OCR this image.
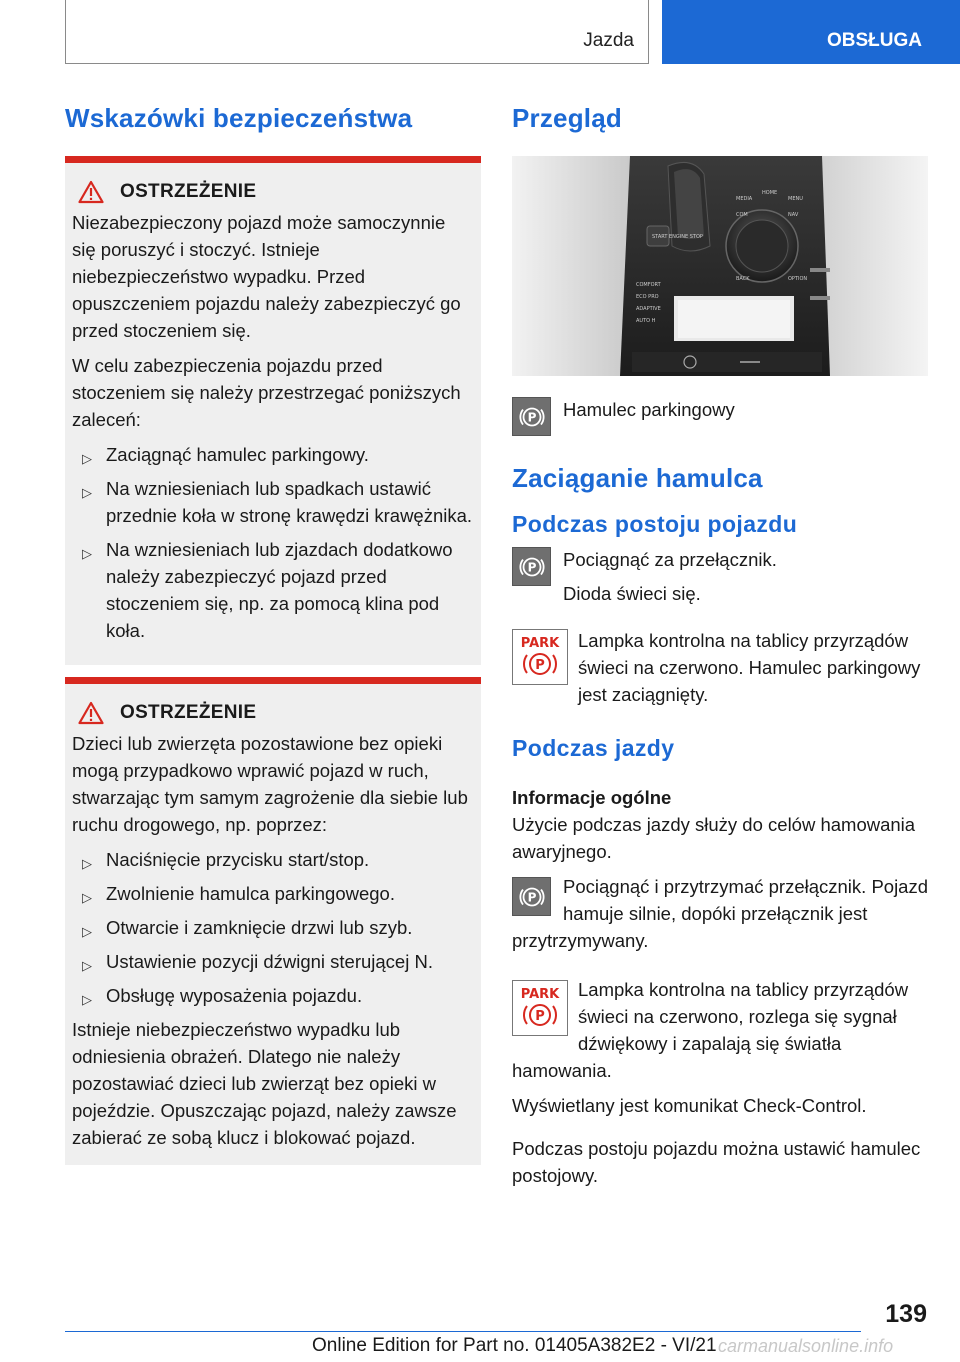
Jazda	OBSŁUGA
Wskazówki bezpieczeństwa
OSTRZEŻENIE

Niezabezpieczony pojazd może samoczynnie się poruszyć i stoczyć. Istnieje niebezpieczeństwo wypadku. Przed opuszczeniem pojazdu należy zabezpieczyć go przed stoczeniem się.

W celu zabezpieczenia pojazdu przed stoczeniem się należy przestrzegać poniższych zaleceń:

▷ Zaciągnąć hamulec parkingowy.
▷ Na wzniesieniach lub spadkach ustawić przednie koła w stronę krawędzi krawężnika.
▷ Na wzniesieniach lub zjazdach dodatkowo należy zabezpieczyć pojazd przed stoczeniem się, np. za pomocą klina pod koła.
OSTRZEŻENIE

Dzieci lub zwierzęta pozostawione bez opieki mogą przypadkowo wprawić pojazd w ruch, stwarzając tym samym zagrożenie dla siebie lub ruchu drogowego, np. poprzez:

▷ Naciśnięcie przycisku start/stop.
▷ Zwolnienie hamulca parkingowego.
▷ Otwarcie i zamknięcie drzwi lub szyb.
▷ Ustawienie pozycji dźwigni sterującej N.
▷ Obsługę wyposażenia pojazdu.

Istnieje niebezpieczeństwo wypadku lub odniesienia obrażeń. Dlatego nie należy pozostawiać dzieci lub zwierząt bez opieki w pojeździe. Opuszczając pojazd, należy zawsze zabierać ze sobą klucz i blokować pojazd.

Przegląd
START ENGINE STOP
COMFORT
ECO PRO
ADAPTIVE
AUTO H
MEDIA
HOME
MENU
COM	NAV
BACK	OPTION
P Hamulec parkingowy

Zaciąganie hamulca
Podczas postoju pojazdu
P Pociągnąć za przełącznik.

Dioda świeci się.

PARK
P

Lampka kontrolna na tablicy przyrządów świeci na czerwono. Hamulec parkingowy jest zaciągnięty.

Podczas jazdy

Informacje ogólne

Użycie podczas jazdy służy do celów hamowania awaryjnego.

P	Pociągnąć i przytrzymać przełącznik. Pojazd hamuje silnie, dopóki przełącznik jest przytrzymywany.

PARK
P

Lampka kontrolna na tablicy przyrządów świeci na czerwono, rozlega się sygnał dźwiękowy i zapalają się światła hamowania.

Wyświetlany jest komunikat Check-Control.

Podczas postoju pojazdu można ustawić hamulec postojowy.

139
Online Edition for Part no. 01405A382E2 - VI/21 carmanualsonline.info
